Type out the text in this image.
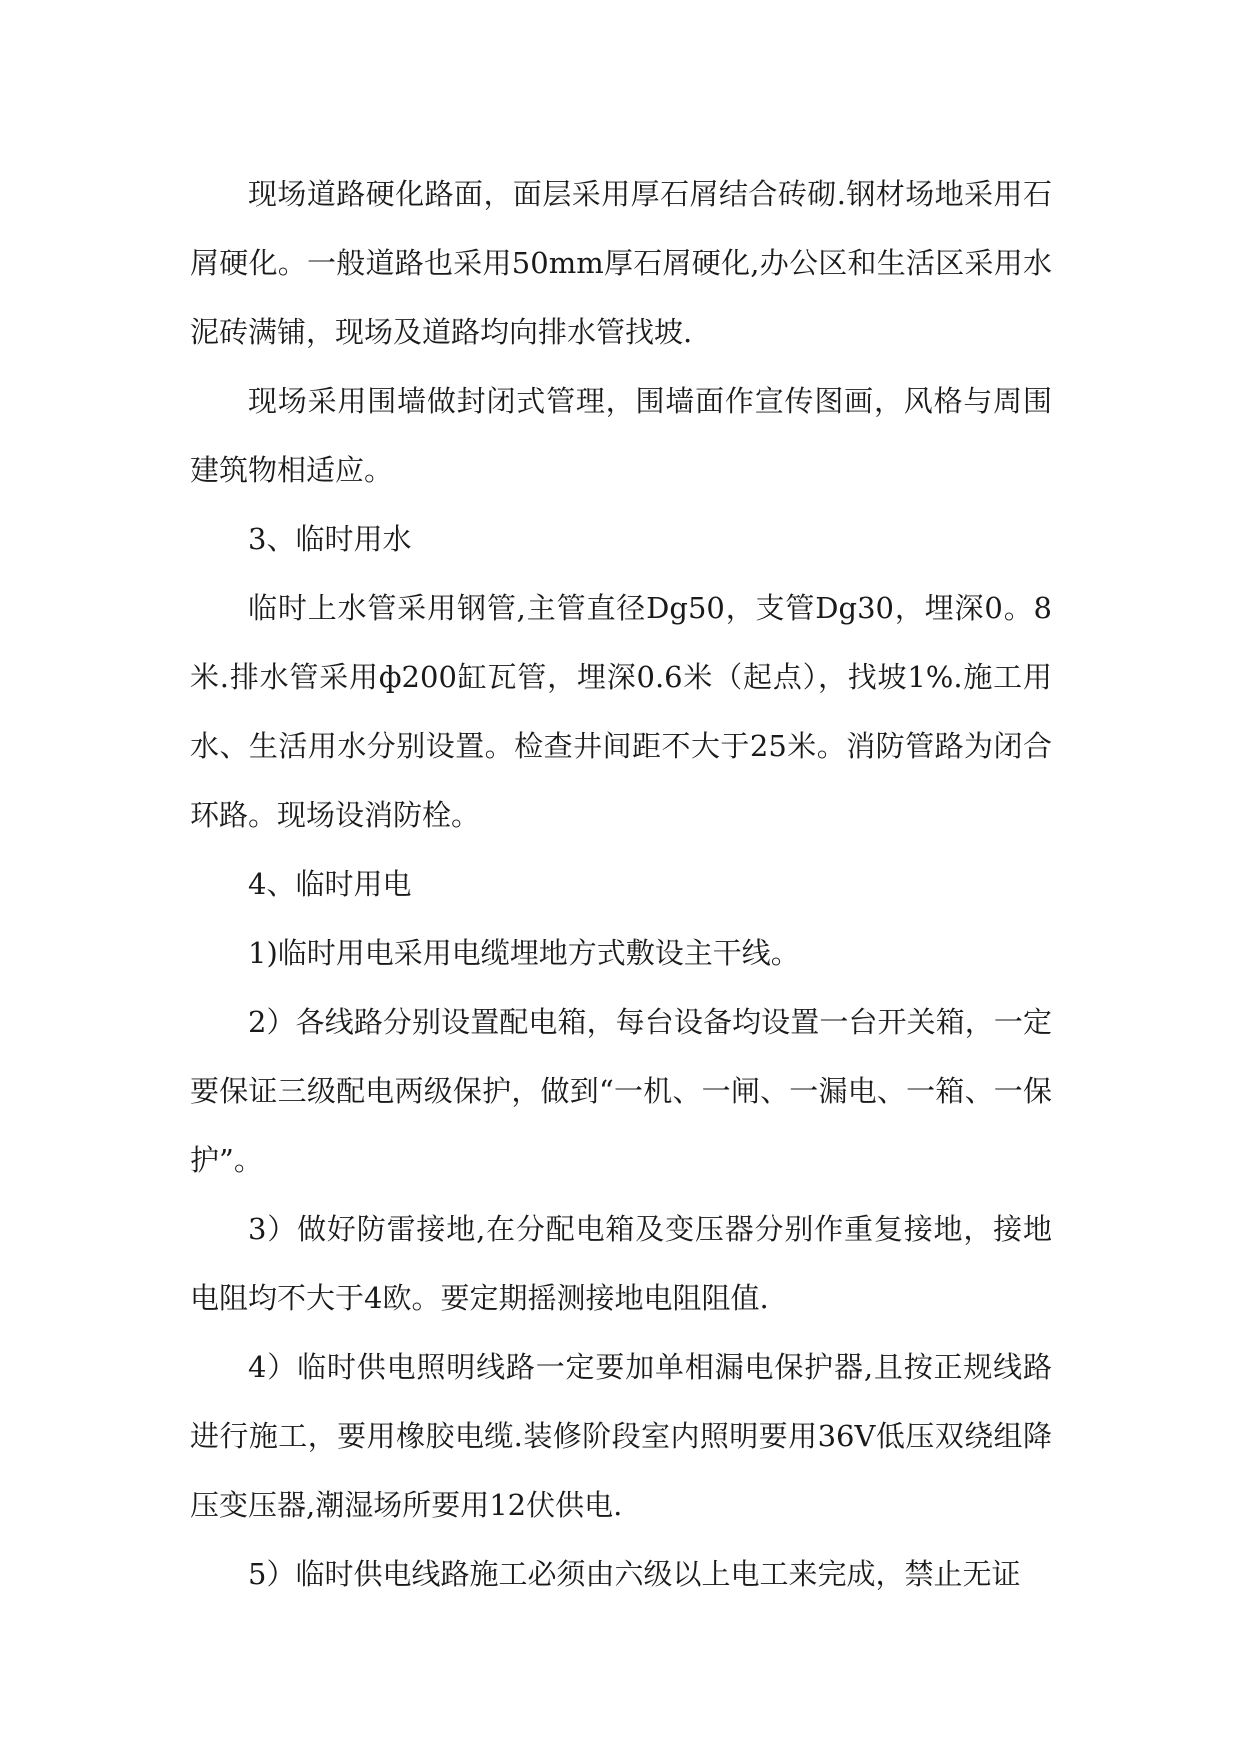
现场道路硬化路面，面层采用厚石屑结合砖砌.钢材场地采用石屑硬化。一般道路也采用50mm厚石屑硬化,办公区和生活区采用水泥砖满铺，现场及道路均向排水管找坡.

现场采用围墙做封闭式管理，围墙面作宣传图画，风格与周围建筑物相适应。

3、临时用水

临时上水管采用钢管,主管直径Dg50，支管Dg30，埋深0。8米.排水管采用ф200缸瓦管，埋深0.6米（起点），找坡1%.施工用水、生活用水分别设置。检查井间距不大于25米。消防管路为闭合环路。现场设消防栓。

4、临时用电

1)临时用电采用电缆埋地方式敷设主干线。

2）各线路分别设置配电箱，每台设备均设置一台开关箱，一定要保证三级配电两级保护，做到“一机、一闸、一漏电、一箱、一保护”。

3）做好防雷接地,在分配电箱及变压器分别作重复接地，接地电阻均不大于4欧。要定期摇测接地电阻阻值.

4）临时供电照明线路一定要加单相漏电保护器,且按正规线路进行施工，要用橡胶电缆.装修阶段室内照明要用36V低压双绕组降压变压器,潮湿场所要用12伏供电.

5）临时供电线路施工必须由六级以上电工来完成，禁止无证
